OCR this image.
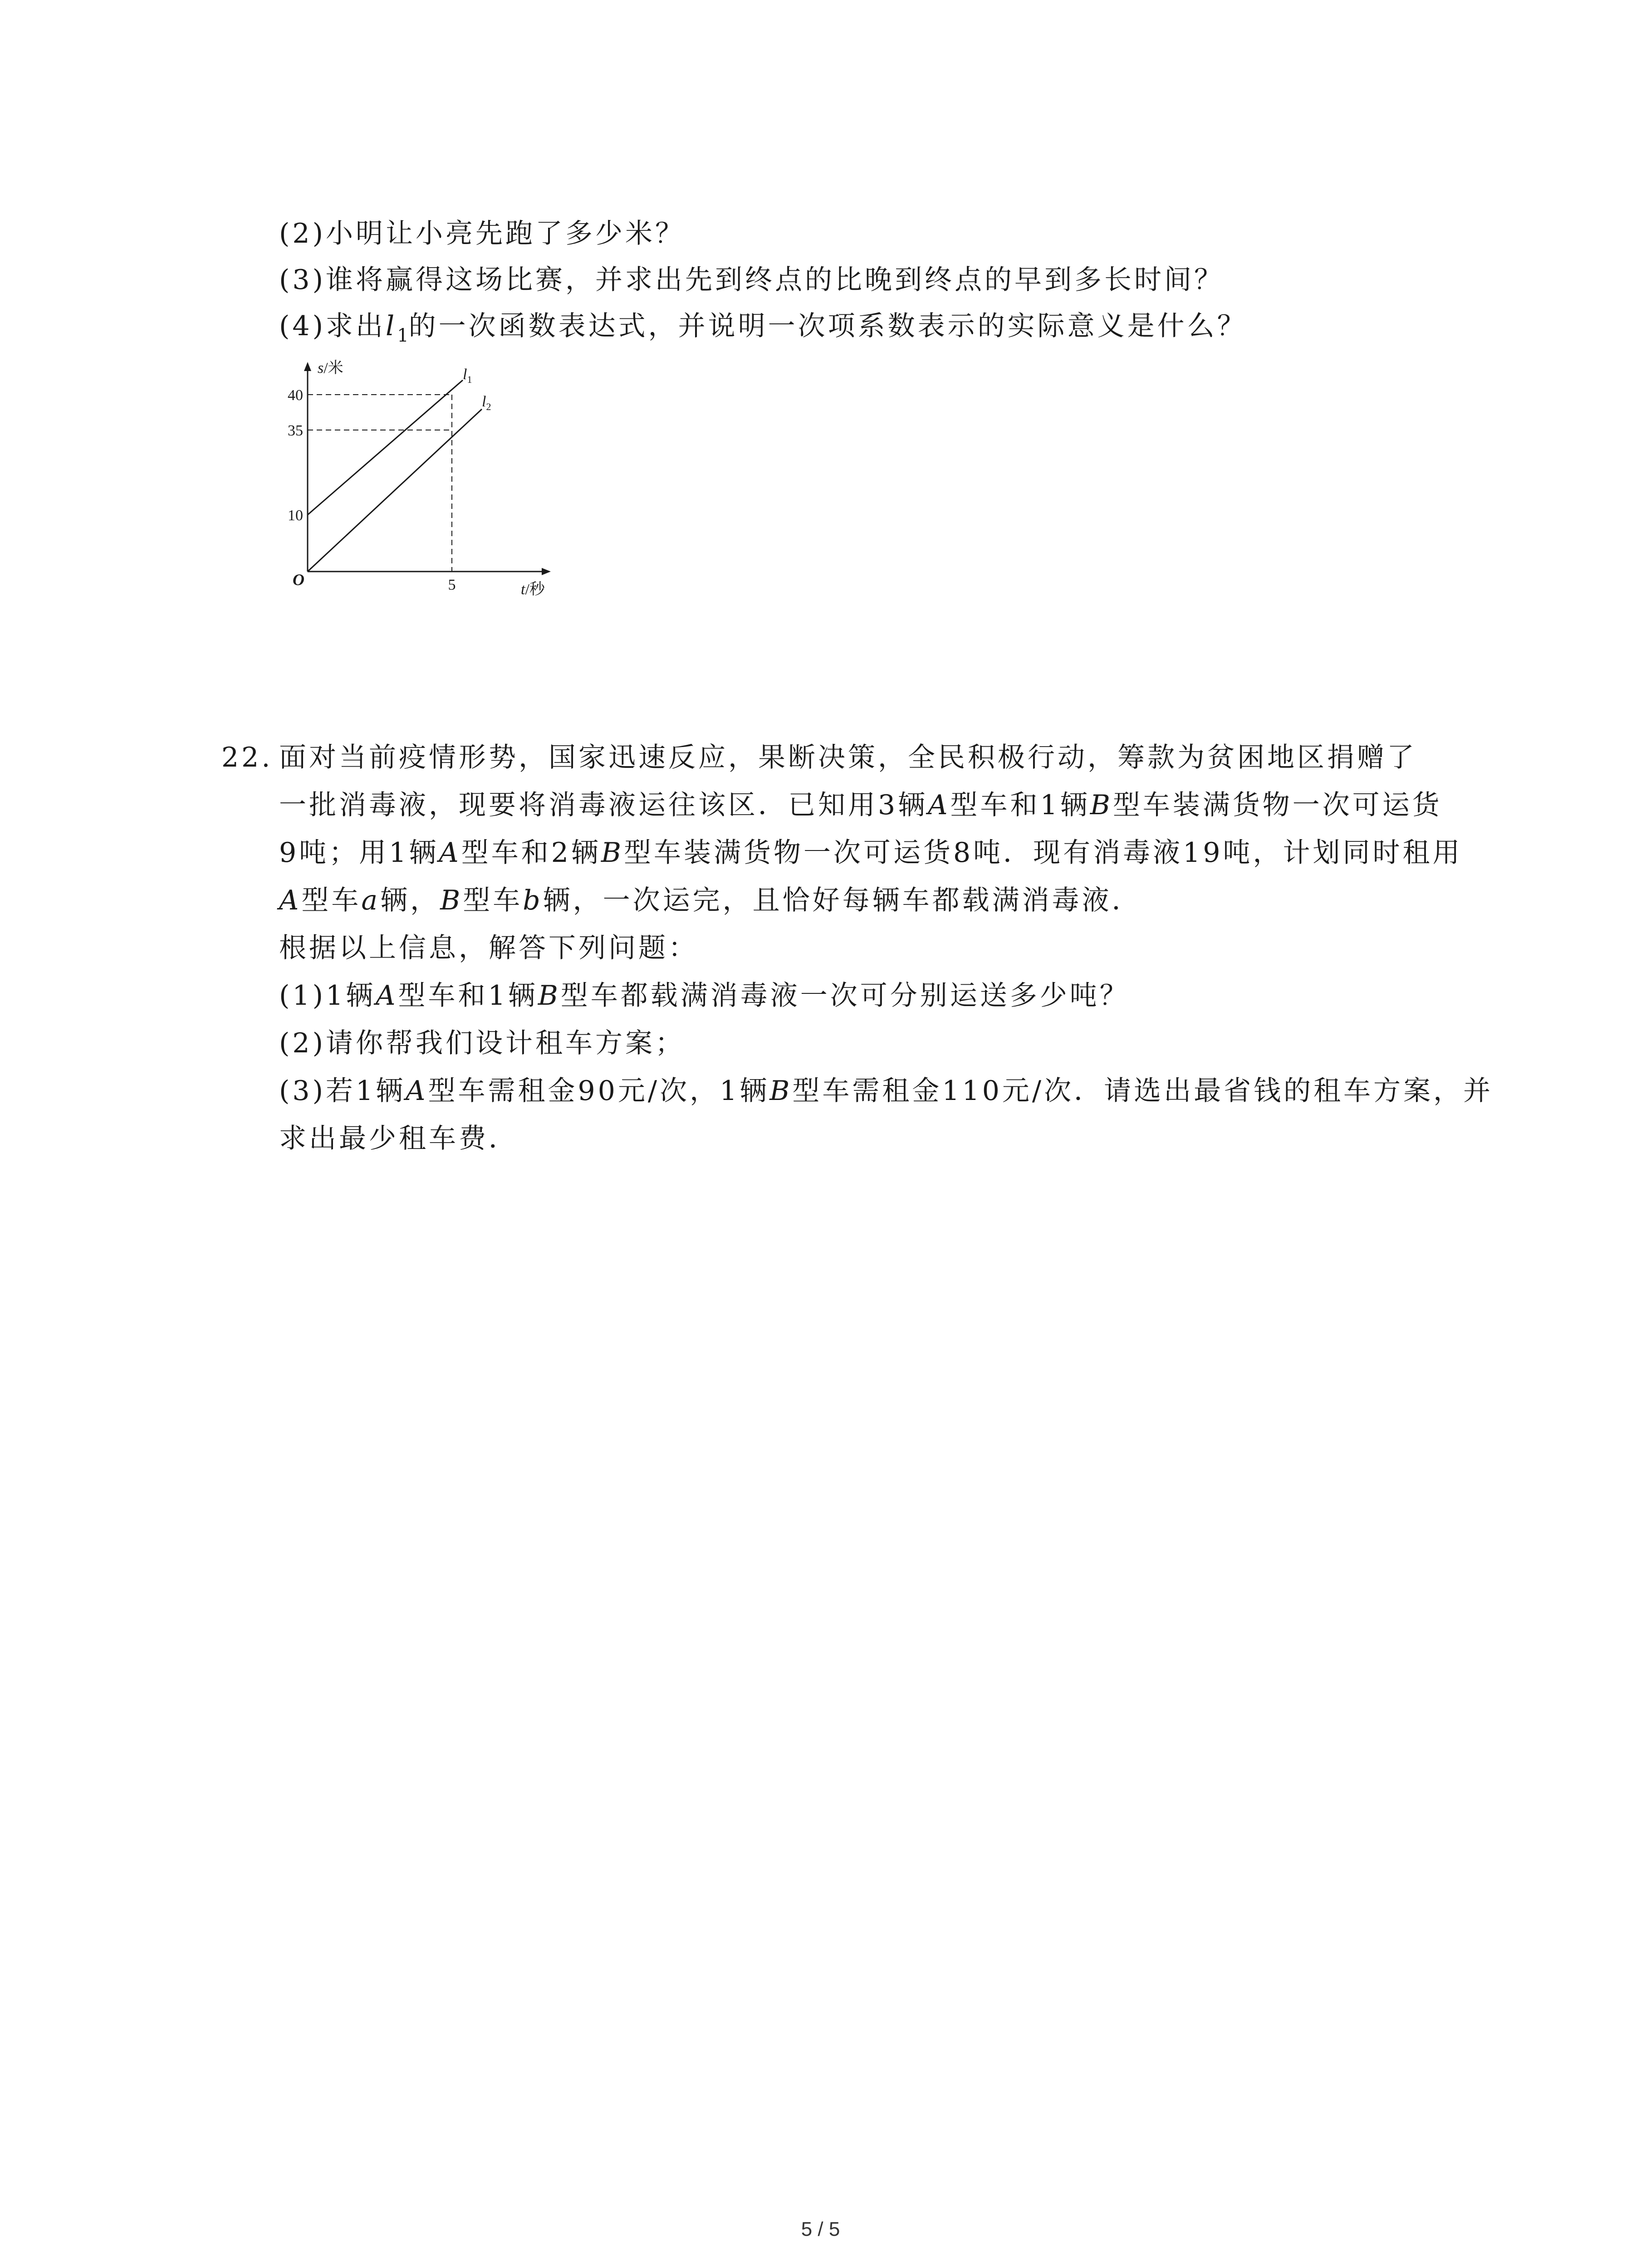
(2)小明让小亮先跑了多少米？
(3)谁将赢得这场比赛，并求出先到终点的比晚到终点的早到多长时间？
(4)求出$l_1$的一次函数表达式，并说明一次项系数表示的实际意义是什么？
40
35
10
5
O
s/米
t/秒
$l_1$
$l_2$
22. 面对当前疫情形势，国家迅速反应，果断决策，全民积极行动，筹款为贫困地区捐赠了
一批消毒液，现要将消毒液运往该区．已知用3辆A型车和1辆B型车装满货物一次可运货
9吨；用1辆A型车和2辆B型车装满货物一次可运货8吨．现有消毒液19吨，计划同时租用
A型车a辆，B型车b辆，一次运完，且恰好每辆车都载满消毒液．
根据以上信息，解答下列问题：
(1)1辆A型车和1辆B型车都载满消毒液一次可分别运送多少吨？
(2)请你帮我们设计租车方案；
(3)若1辆A型车需租金90元/次，1辆B型车需租金110元/次．请选出最省钱的租车方案，并
求出最少租车费．
5 / 5
